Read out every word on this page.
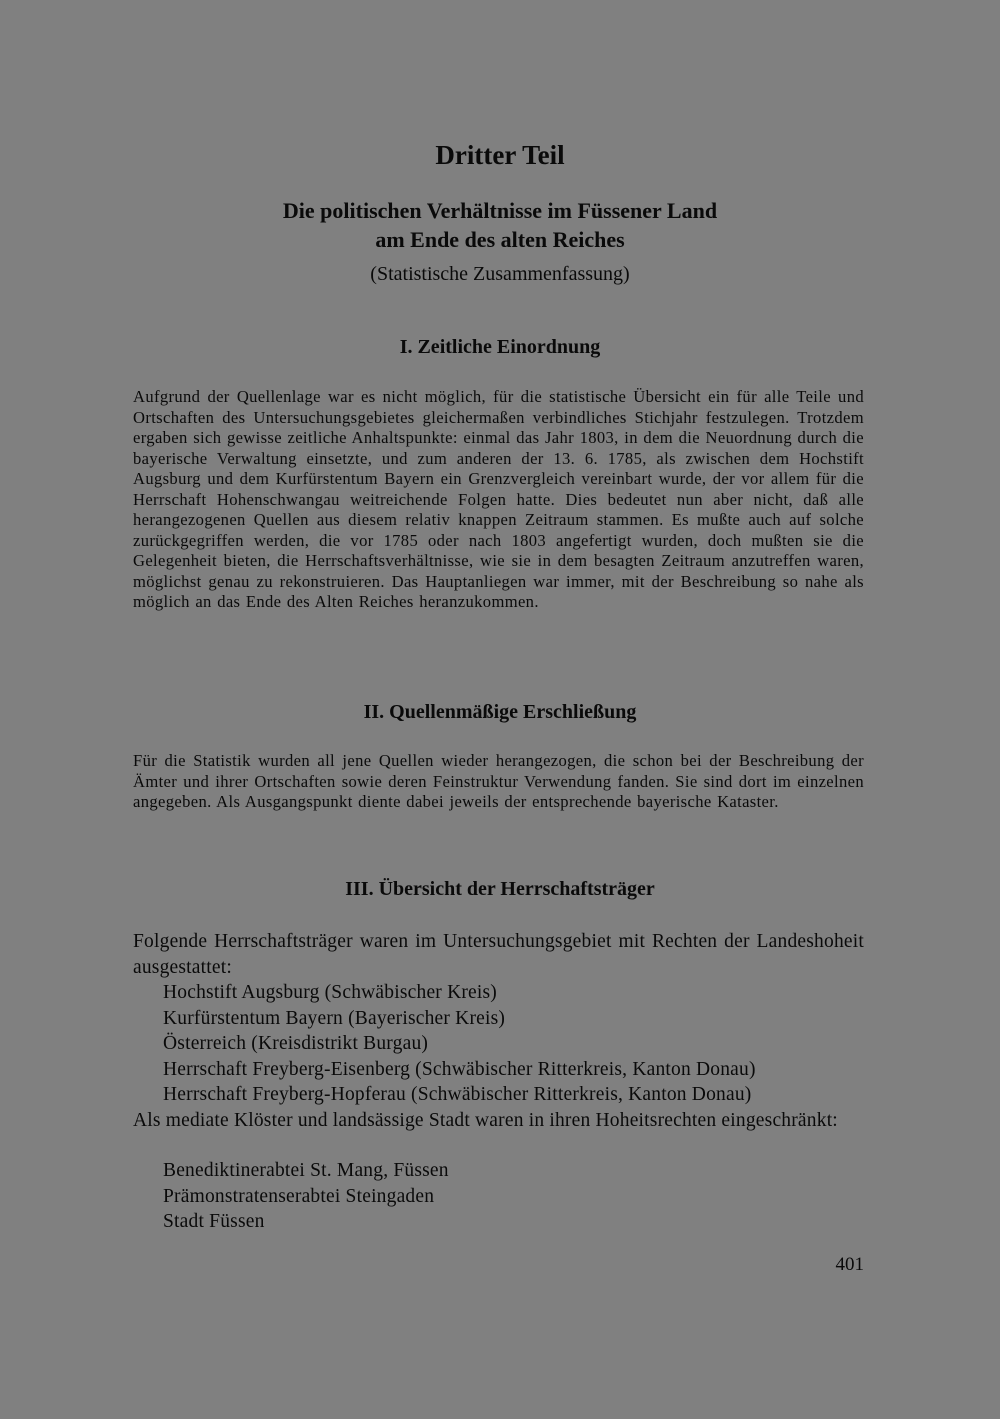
Dritter Teil
Die politischen Verhältnisse im Füssener Land
am Ende des alten Reiches

(Statistische Zusammenfassung)

I. Zeitliche Einordnung

Aufgrund der Quellenlage war es nicht möglich, für die statistische Übersicht ein für alle Teile und Ortschaften des Untersuchungsgebietes gleichermaßen verbindliches Stichjahr festzulegen. Trotzdem ergaben sich gewisse zeitliche Anhaltspunkte: einmal das Jahr 1803, in dem die Neuordnung durch die bayerische Verwaltung einsetzte, und zum anderen der 13. 6. 1785, als zwischen dem Hochstift Augsburg und dem Kurfürstentum Bayern ein Grenzvergleich vereinbart wurde, der vor allem für die Herrschaft Hohenschwangau weitreichende Folgen hatte. Dies bedeutet nun aber nicht, daß alle herangezogenen Quellen aus diesem relativ knappen Zeitraum stammen. Es mußte auch auf solche zurückgegriffen werden, die vor 1785 oder nach 1803 angefertigt wurden, doch mußten sie die Gelegenheit bieten, die Herrschaftsverhältnisse, wie sie in dem besagten Zeitraum anzutreffen waren, möglichst genau zu rekonstruieren. Das Hauptanliegen war immer, mit der Beschreibung so nahe als möglich an das Ende des Alten Reiches heranzukommen.

II. Quellenmäßige Erschließung

Für die Statistik wurden all jene Quellen wieder herangezogen, die schon bei der Beschreibung der Ämter und ihrer Ortschaften sowie deren Feinstruktur Verwendung fanden. Sie sind dort im einzelnen angegeben. Als Ausgangspunkt diente dabei jeweils der entsprechende bayerische Kataster.

III. Übersicht der Herrschaftsträger

Folgende Herrschaftsträger waren im Untersuchungsgebiet mit Rechten der Landeshoheit ausgestattet:

Hochstift Augsburg (Schwäbischer Kreis)
Kurfürstentum Bayern (Bayerischer Kreis)
Österreich (Kreisdistrikt Burgau)
Herrschaft Freyberg-Eisenberg (Schwäbischer Ritterkreis, Kanton Donau)
Herrschaft Freyberg-Hopferau (Schwäbischer Ritterkreis, Kanton Donau)

Als mediate Klöster und landsässige Stadt waren in ihren Hoheitsrechten eingeschränkt:

Benediktinerabtei St. Mang, Füssen
Prämonstratenserabtei Steingaden
Stadt Füssen

401
